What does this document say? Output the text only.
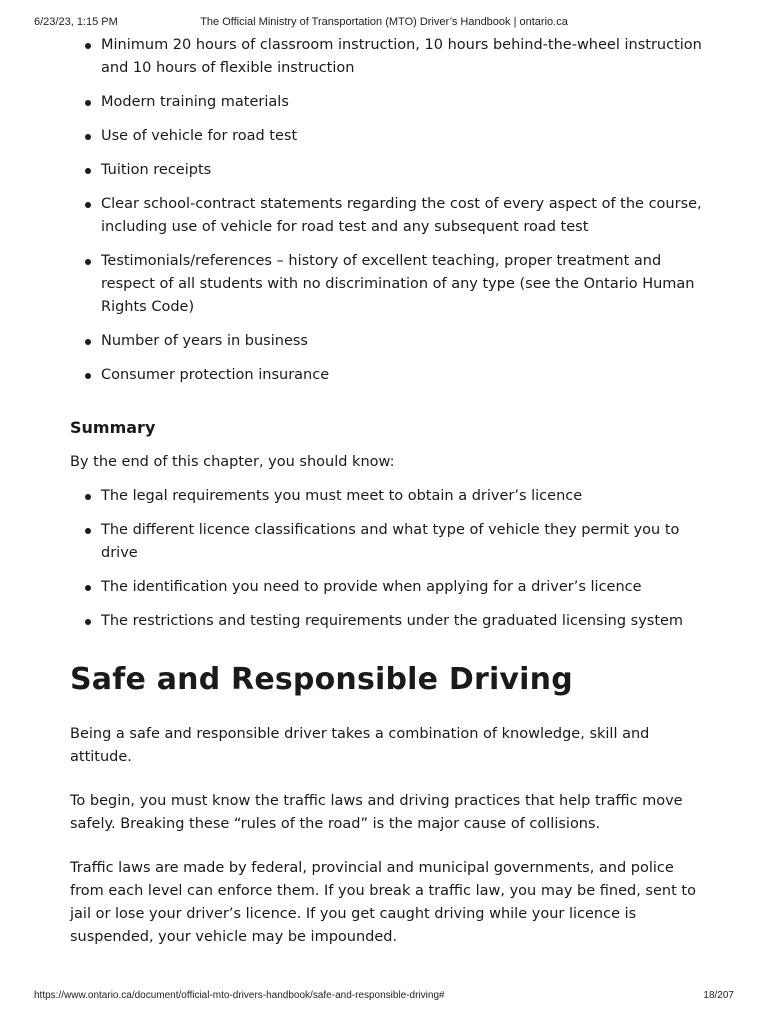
6/23/23, 1:15 PM	The Official Ministry of Transportation (MTO) Driver’s Handbook | ontario.ca
Minimum 20 hours of classroom instruction, 10 hours behind-the-wheel instruction and 10 hours of flexible instruction
Modern training materials
Use of vehicle for road test
Tuition receipts
Clear school-contract statements regarding the cost of every aspect of the course, including use of vehicle for road test and any subsequent road test
Testimonials/references – history of excellent teaching, proper treatment and respect of all students with no discrimination of any type (see the Ontario Human Rights Code)
Number of years in business
Consumer protection insurance
Summary

By the end of this chapter, you should know:

The legal requirements you must meet to obtain a driver’s licence
The different licence classifications and what type of vehicle they permit you to drive
The identification you need to provide when applying for a driver’s licence
The restrictions and testing requirements under the graduated licensing system
Safe and Responsible Driving

Being a safe and responsible driver takes a combination of knowledge, skill and attitude.

To begin, you must know the traffic laws and driving practices that help traffic move safely. Breaking these “rules of the road” is the major cause of collisions.

Traffic laws are made by federal, provincial and municipal governments, and police from each level can enforce them. If you break a traffic law, you may be fined, sent to jail or lose your driver’s licence. If you get caught driving while your licence is suspended, your vehicle may be impounded.

https://www.ontario.ca/document/official-mto-drivers-handbook/safe-and-responsible-driving#	18/207
